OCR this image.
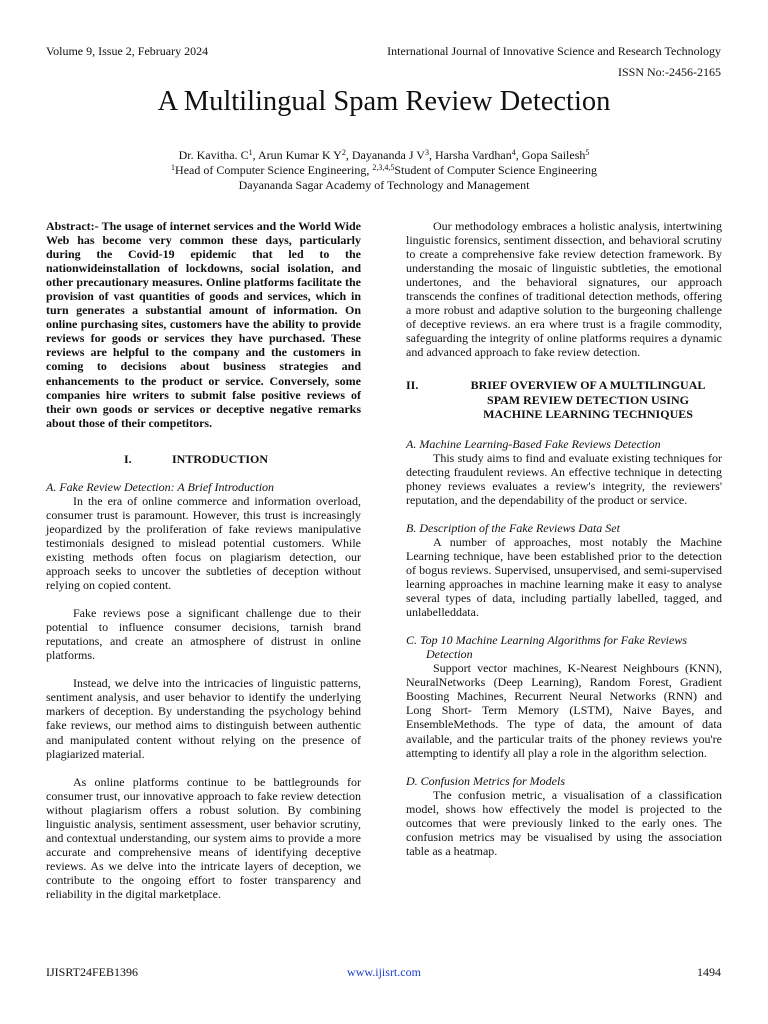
Volume 9, Issue 2, February 2024	International Journal of Innovative Science and Research Technology
ISSN No:-2456-2165
A Multilingual Spam Review Detection
Dr. Kavitha. $C^1$, Arun Kumar K $Y^2$, Dayananda J $V^3$, Harsha Vardhan$^4$, Gopa Sailesh$^5$
$^1$Head of Computer Science Engineering, $^{2,3,4,5}$Student of Computer Science Engineering
Dayananda Sagar Academy of Technology and Management

Abstract:- The usage of internet services and the World Wide Web has become very common these days, particularly during the Covid-19 epidemic that led to the nationwideinstallation of lockdowns, social isolation, and other precautionary measures. Online platforms facilitate the provision of vast quantities of goods and services, which in turn generates a substantial amount of information. On online purchasing sites, customers have the ability to provide reviews for goods or services they have purchased. These reviews are helpful to the company and the customers in coming to decisions about business strategies and enhancements to the product or service. Conversely, some companies hire writers to submit false positive reviews of their own goods or services or deceptive negative remarks about those of their competitors.

I.	INTRODUCTION

A. Fake Review Detection: A Brief Introduction

In the era of online commerce and information overload, consumer trust is paramount. However, this trust is increasingly jeopardized by the proliferation of fake reviews manipulative testimonials designed to mislead potential customers. While existing methods often focus on plagiarism detection, our approach seeks to uncover the subtleties of deception without relying on copied content.

Fake reviews pose a significant challenge due to their potential to influence consumer decisions, tarnish brand reputations, and create an atmosphere of distrust in online platforms.

Instead, we delve into the intricacies of linguistic patterns, sentiment analysis, and user behavior to identify the underlying markers of deception. By understanding the psychology behind fake reviews, our method aims to distinguish between authentic and manipulated content without relying on the presence of plagiarized material.

As online platforms continue to be battlegrounds for consumer trust, our innovative approach to fake review detection without plagiarism offers a robust solution. By combining linguistic analysis, sentiment assessment, user behavior scrutiny, and contextual understanding, our system aims to provide a more accurate and comprehensive means of identifying deceptive reviews. As we delve into the intricate layers of deception, we contribute to the ongoing effort to foster transparency and reliability in the digital marketplace.

Our methodology embraces a holistic analysis, intertwining linguistic forensics, sentiment dissection, and behavioral scrutiny to create a comprehensive fake review detection framework. By understanding the mosaic of linguistic subtleties, the emotional undertones, and the behavioral signatures, our approach transcends the confines of traditional detection methods, offering a more robust and adaptive solution to the burgeoning challenge of deceptive reviews. an era where trust is a fragile commodity, safeguarding the integrity of online platforms requires a dynamic and advanced approach to fake review detection.

II.	BRIEF OVERVIEW OF A MULTILINGUAL
SPAM REVIEW DETECTION USING
MACHINE LEARNING TECHNIQUES

A. Machine Learning-Based Fake Reviews Detection

This study aims to find and evaluate existing techniques for detecting fraudulent reviews. An effective technique in detecting phoney reviews evaluates a review's integrity, the reviewers' reputation, and the dependability of the product or service.

B. Description of the Fake Reviews Data Set

A number of approaches, most notably the Machine Learning technique, have been established prior to the detection of bogus reviews. Supervised, unsupervised, and semi-supervised learning approaches in machine learning make it easy to analyse several types of data, including partially labelled, tagged, and unlabelleddata.

C. Top 10 Machine Learning Algorithms for Fake Reviews
Detection

Support vector machines, K-Nearest Neighbours (KNN), NeuralNetworks (Deep Learning), Random Forest, Gradient Boosting Machines, Recurrent Neural Networks (RNN) and Long Short- Term Memory (LSTM), Naive Bayes, and EnsembleMethods. The type of data, the amount of data available, and the particular traits of the phoney reviews you're attempting to identify all play a role in the algorithm selection.

D. Confusion Metrics for Models

The confusion metric, a visualisation of a classification model, shows how effectively the model is projected to the outcomes that were previously linked to the early ones. The confusion metrics may be visualised by using the association table as a heatmap.

IJISRT24FEB1396	www.ijisrt.com	1494
